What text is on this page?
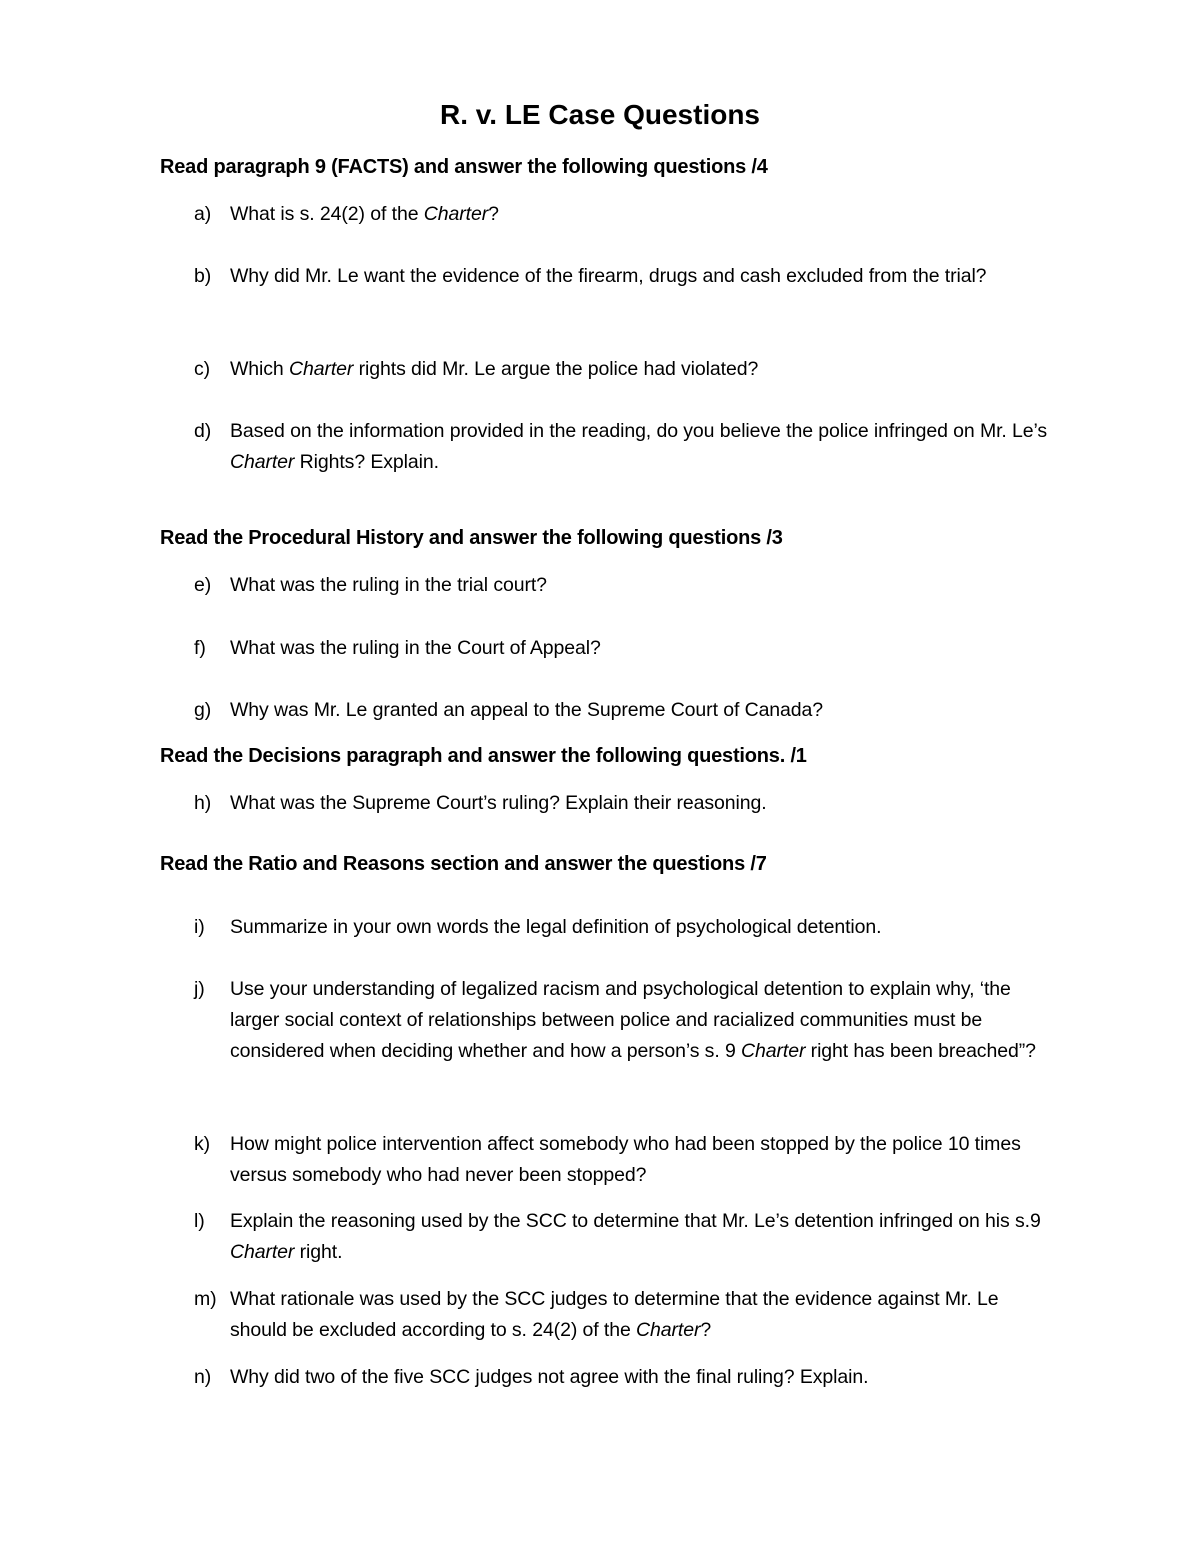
R. v. LE Case Questions
Read paragraph 9 (FACTS) and answer the following questions /4
a) What is s. 24(2) of the Charter?
b) Why did Mr. Le want the evidence of the firearm, drugs and cash excluded from the trial?
c)	Which Charter rights did Mr. Le argue the police had violated?
d) Based on the information provided in the reading, do you believe the police infringed on Mr. Le’s Charter Rights? Explain.
Read the Procedural History and answer the following questions /3
e) What was the ruling in the trial court?
f)	What was the ruling in the Court of Appeal?
g) Why was Mr. Le granted an appeal to the Supreme Court of Canada?
Read the Decisions paragraph and answer the following questions. /1
h) What was the Supreme Court’s ruling? Explain their reasoning.
Read the Ratio and Reasons section and answer the questions /7
i)	Summarize in your own words the legal definition of psychological detention.
j)	Use your understanding of legalized racism and psychological detention to explain why, ‘the larger social context of relationships between police and racialized communities must be considered when deciding whether and how a person’s s. 9 Charter right has been breached”?
k)	How might police intervention affect somebody who had been stopped by the police 10 times versus somebody who had never been stopped?
l)	Explain the reasoning used by the SCC to determine that Mr. Le’s detention infringed on his s.9 Charter right.
m) What rationale was used by the SCC judges to determine that the evidence against Mr. Le should be excluded according to s. 24(2) of the Charter?
n) Why did two of the five SCC judges not agree with the final ruling? Explain.
